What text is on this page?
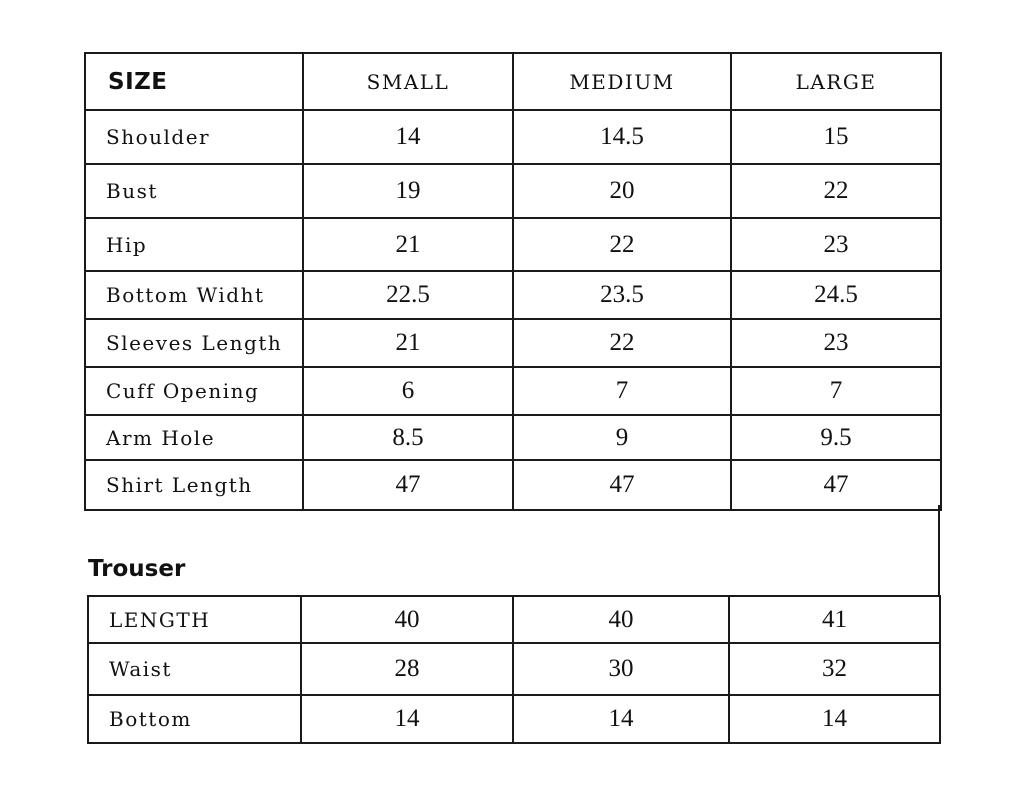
SIZE	SMALL	MEDIUM	LARGE
Shoulder	14	14.5	15
Bust	19	20	22
Hip	21	22	23
Bottom Widht	22.5	23.5	24.5
Sleeves Length	21	22	23
Cuff Opening	6	7	7
Arm Hole	8.5	9	9.5
Shirt Length	47	47	47
Trouser
LENGTH	40	40	41
Waist	28	30	32
Bottom	14	14	14
